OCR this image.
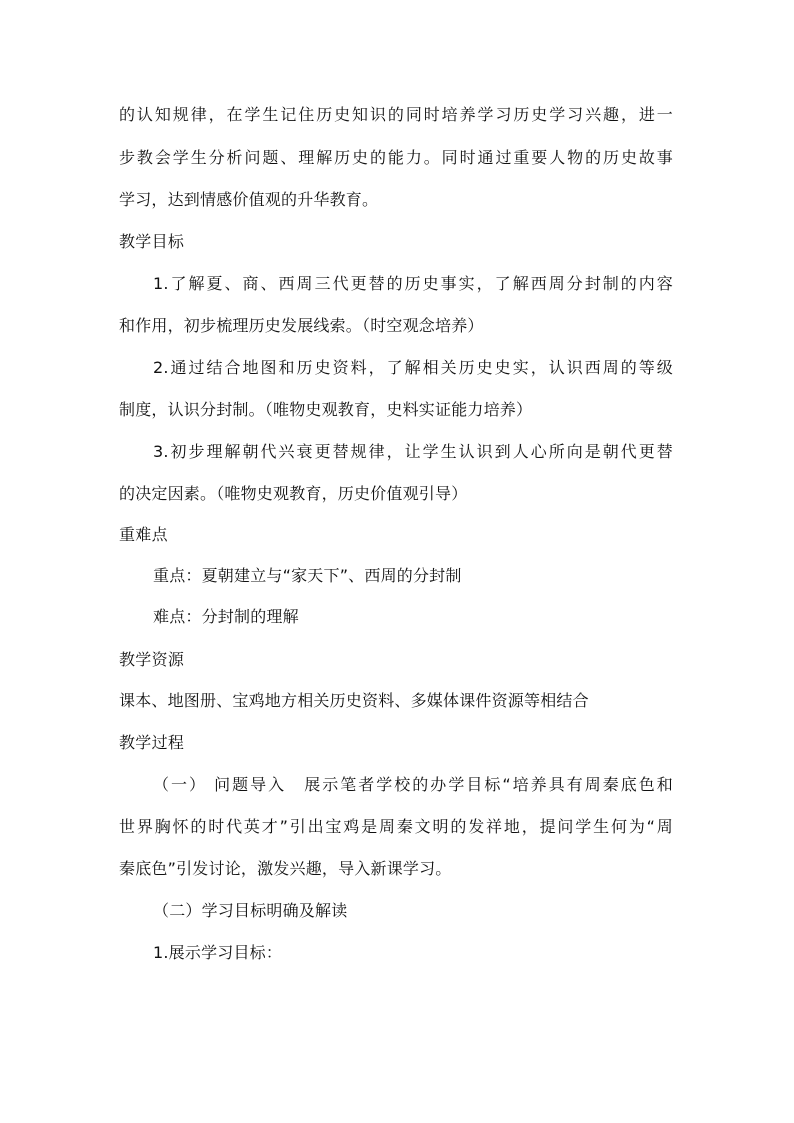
的认知规律，在学生记住历史知识的同时培养学习历史学习兴趣，进一
步教会学生分析问题、理解历史的能力。同时通过重要人物的历史故事
学习，达到情感价值观的升华教育。
教学目标
1.了解夏、商、西周三代更替的历史事实，了解西周分封制的内容
和作用，初步梳理历史发展线索。（时空观念培养）
2.通过结合地图和历史资料，了解相关历史史实，认识西周的等级
制度，认识分封制。（唯物史观教育，史料实证能力培养）
3.初步理解朝代兴衰更替规律，让学生认识到人心所向是朝代更替
的决定因素。（唯物史观教育，历史价值观引导）
重难点
重点：夏朝建立与“家天下”、西周的分封制
难点：分封制的理解
教学资源
课本、地图册、宝鸡地方相关历史资料、多媒体课件资源等相结合
教学过程
（一） 问题导入　展示笔者学校的办学目标“培养具有周秦底色和
世界胸怀的时代英才”引出宝鸡是周秦文明的发祥地，提问学生何为“周
秦底色”引发讨论，激发兴趣，导入新课学习。
（二）学习目标明确及解读
1.展示学习目标：
